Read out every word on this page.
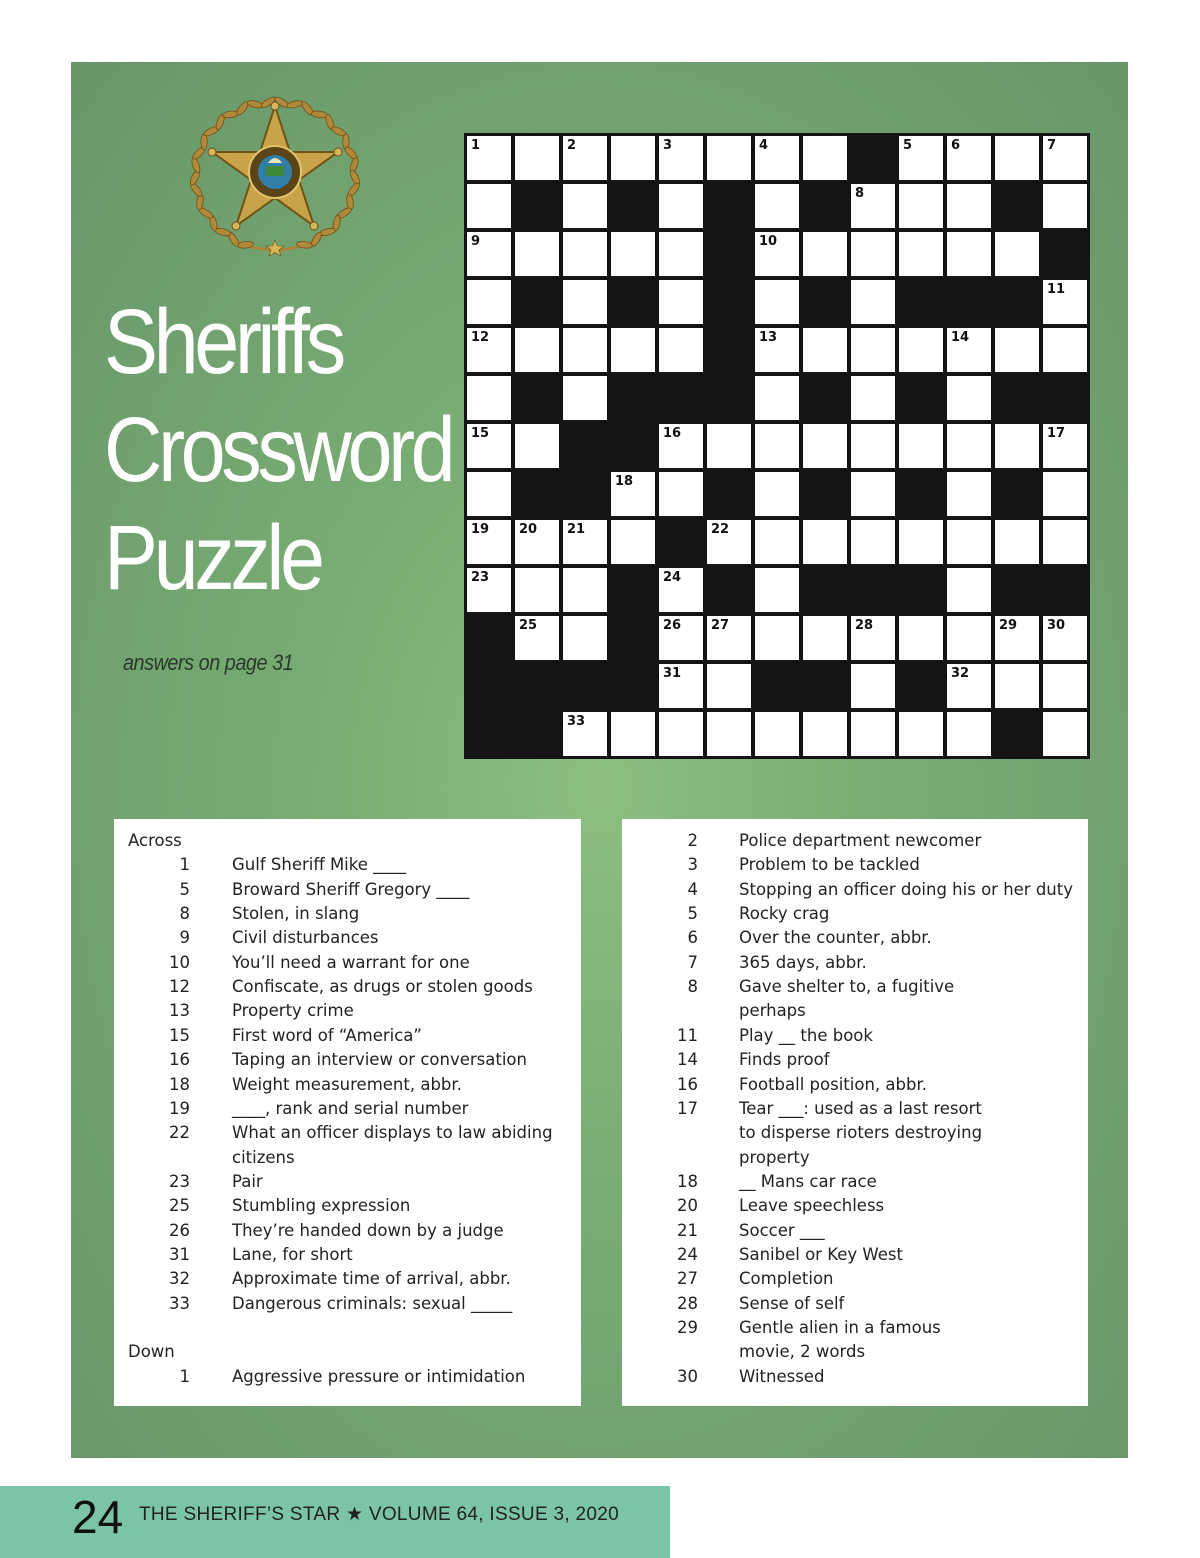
Sheriffs
Crossword
Puzzle
answers on page 31
1	2	3	4	5	6	7
8
9	10
11
12	13	14
15	16	17
18
19 20 21	22
23	24
25	26 27	28	29 30
31	32
33
Across
1	Gulf Sheriff Mike ____
5	Broward Sheriff Gregory ____
8	Stolen, in slang
9	Civil disturbances
10	You’ll need a warrant for one
12	Confiscate, as drugs or stolen goods
13	Property crime
15	First word of “America”
16	Taping an interview or conversation
18	Weight measurement, abbr.
19	____, rank and serial number
22	What an officer displays to law abiding
citizens
23	Pair
25	Stumbling expression
26	They’re handed down by a judge
31	Lane, for short
32	Approximate time of arrival, abbr.
33	Dangerous criminals: sexual _____
Down
1	Aggressive pressure or intimidation
2 Police department newcomer
3 Problem to be tackled
4 Stopping an officer doing his or her duty
5 Rocky crag
6 Over the counter, abbr.
7 365 days, abbr.
8 Gave shelter to, a fugitive
perhaps
11 Play __ the book
14 Finds proof
16 Football position, abbr.
17 Tear ___: used as a last resort
to disperse rioters destroying
property
18 __ Mans car race
20 Leave speechless
21 Soccer ___
24 Sanibel or Key West
27 Completion
28 Sense of self
29 Gentle alien in a famous
movie, 2 words
30 Witnessed
24 THE SHERIFF’S STAR ★ VOLUME 64, ISSUE 3, 2020
